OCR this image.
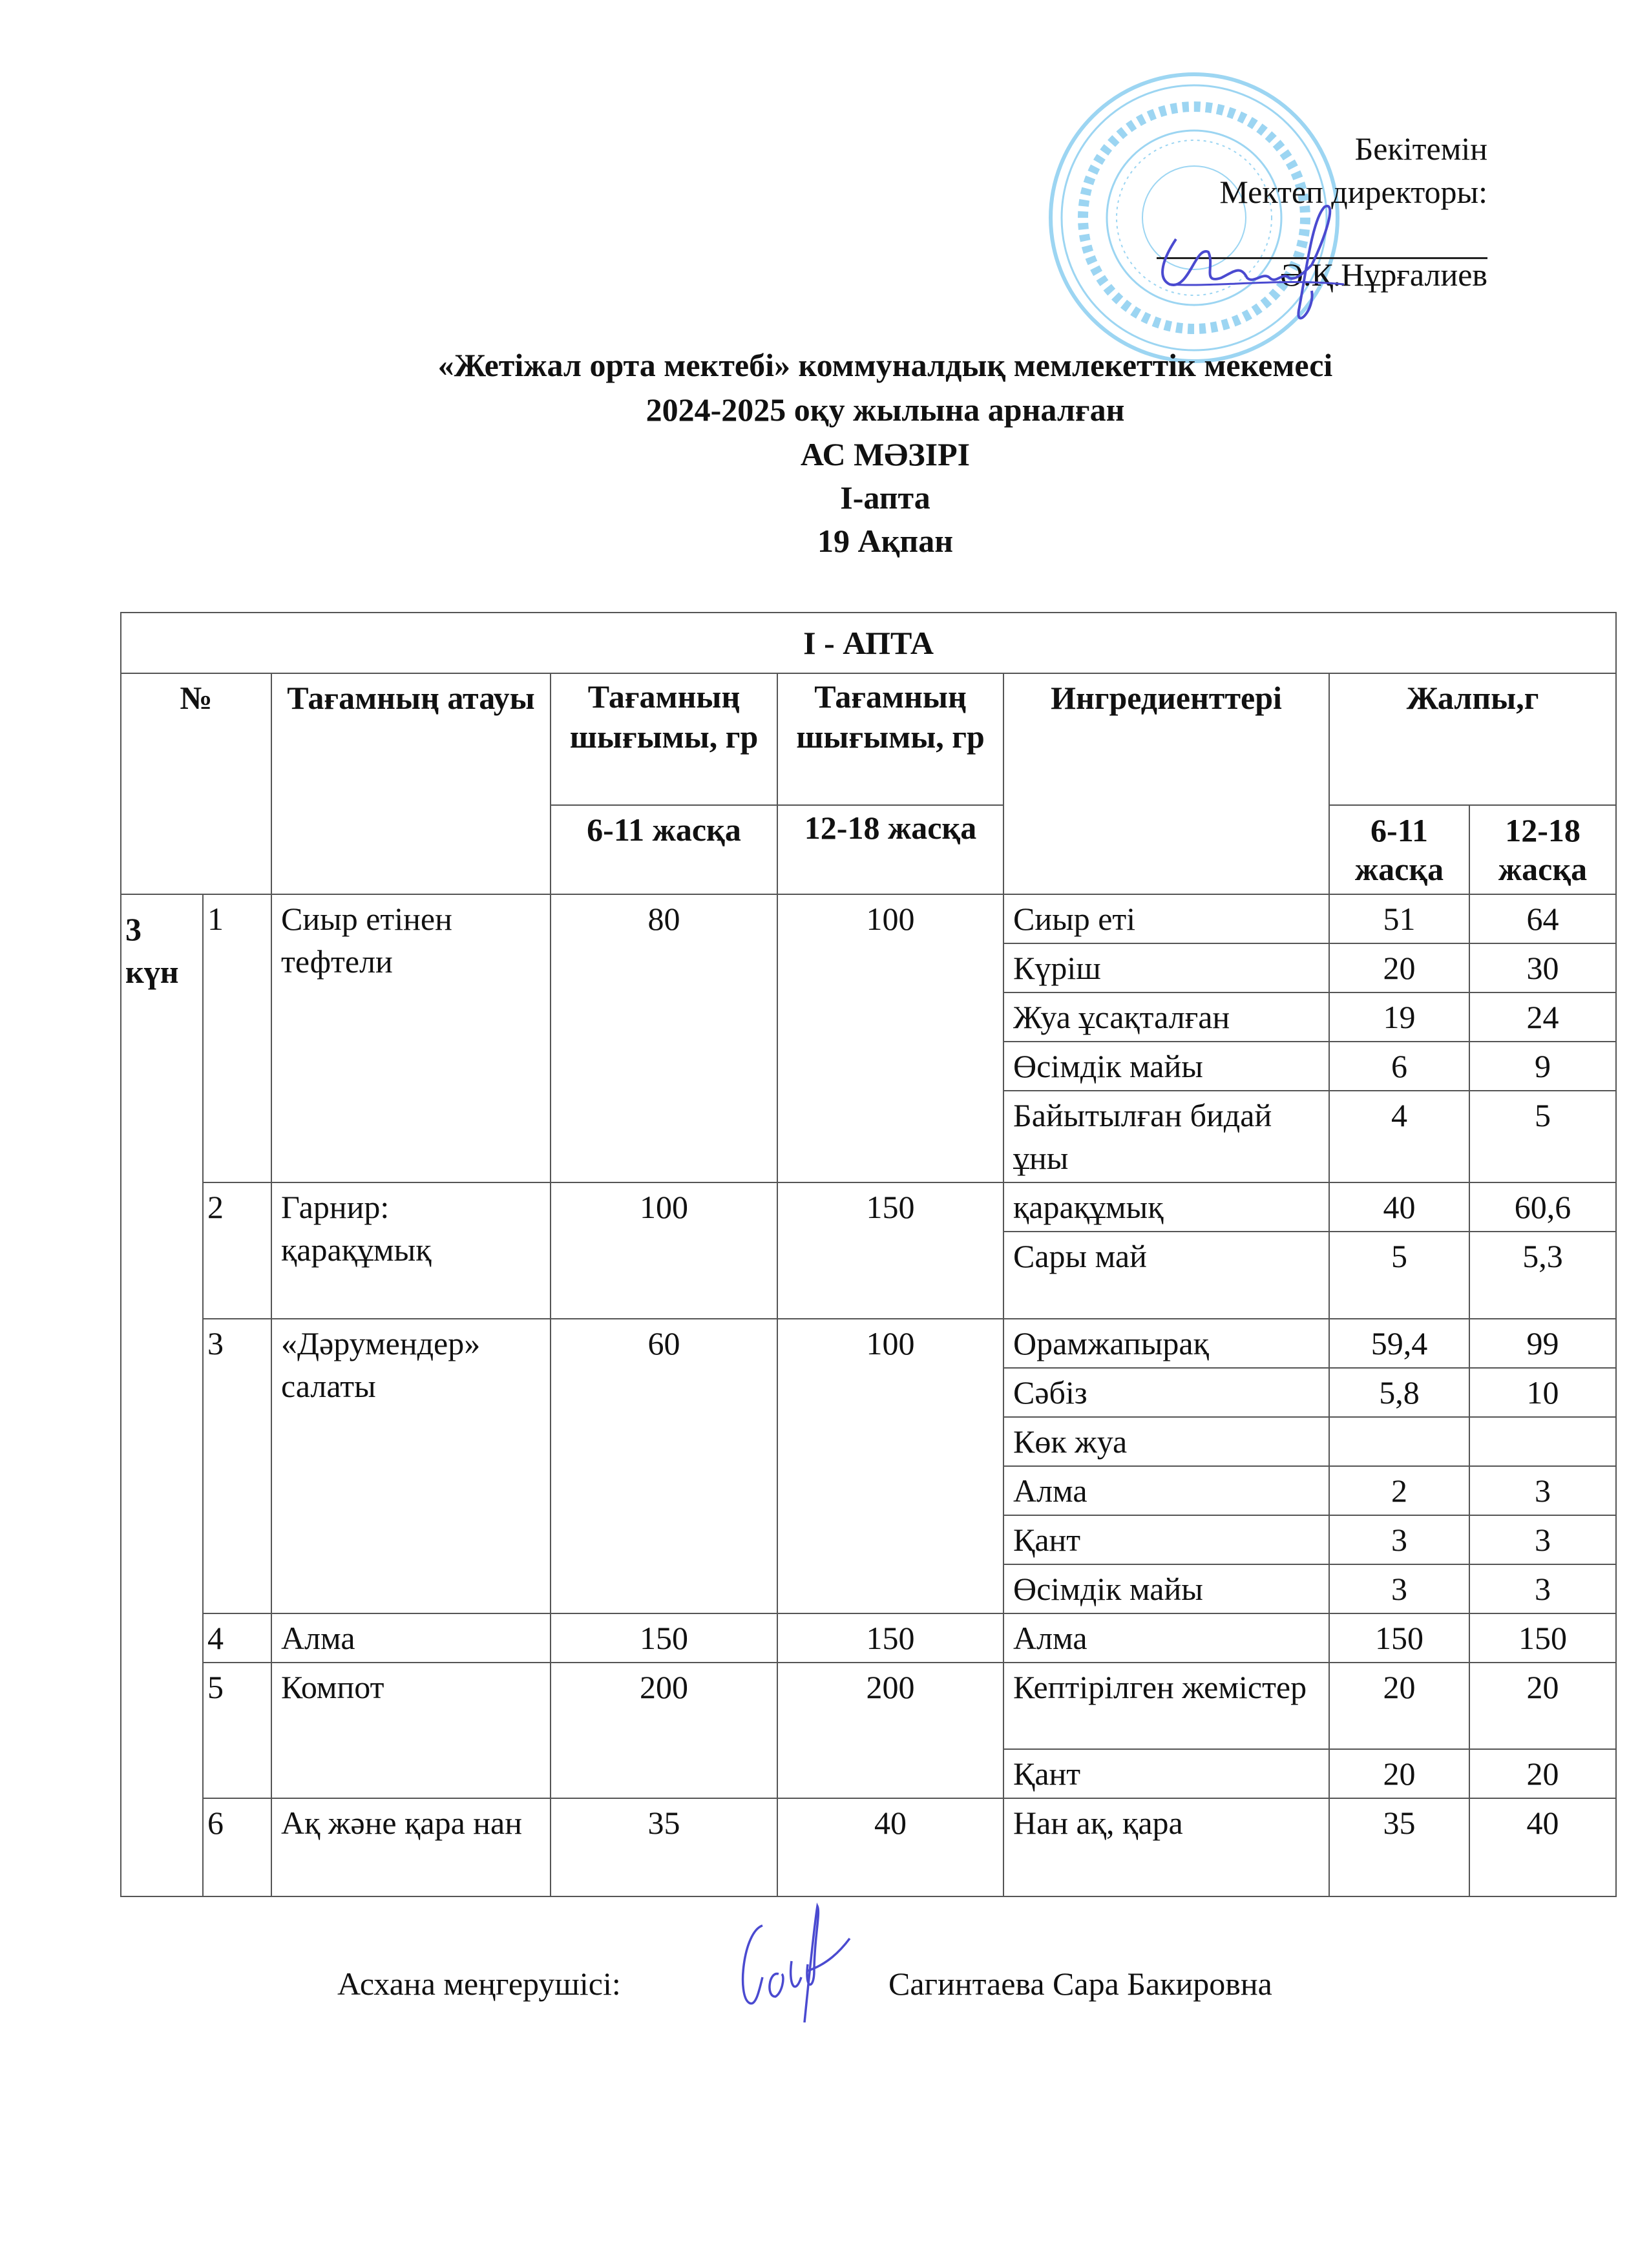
Бекітемін
Мектеп директоры:
Ә.Қ.Нұрғалиев
«Жетіжал орта мектебі» коммуналдық мемлекеттік мекемесі
2024-2025 оқу жылына арналған
АС МӘЗІРІ
І-апта
19 Ақпан
І - АПТА							
№		Тағамның атауы	Тағамның шығымы, гр	Тағамның шығымы, гр	Ингредиенттері	Жалпы,г	
			6-11 жасқа	12-18 жасқа		6-11 жасқа	12-18 жасқа
3 күн	1	Сиыр етінен тефтели	80	100	Сиыр еті	51	64
					Күріш	20	30
					Жуа ұсақталған	19	24
					Өсімдік майы	6	9
					Байытылған бидай ұны	4	5
	2	Гарнир: қарақұмық	100	150	қарақұмық	40	60,6
					Сары май	5	5,3
	3	«Дәрумендер» салаты	60	100	Орамжапырақ	59,4	99
					Сәбіз	5,8	10
					Көк жуа		
					Алма	2	3
					Қант	3	3
					Өсімдік майы	3	3
	4	Алма	150	150	Алма	150	150
	5	Компот	200	200	Кептірілген жемістер	20	20
					Қант	20	20
	6	Ақ және қара нан	35	40	Нан ақ, қара	35	40
Асхана меңгерушісі:	Сагинтаева Сара Бакировна
